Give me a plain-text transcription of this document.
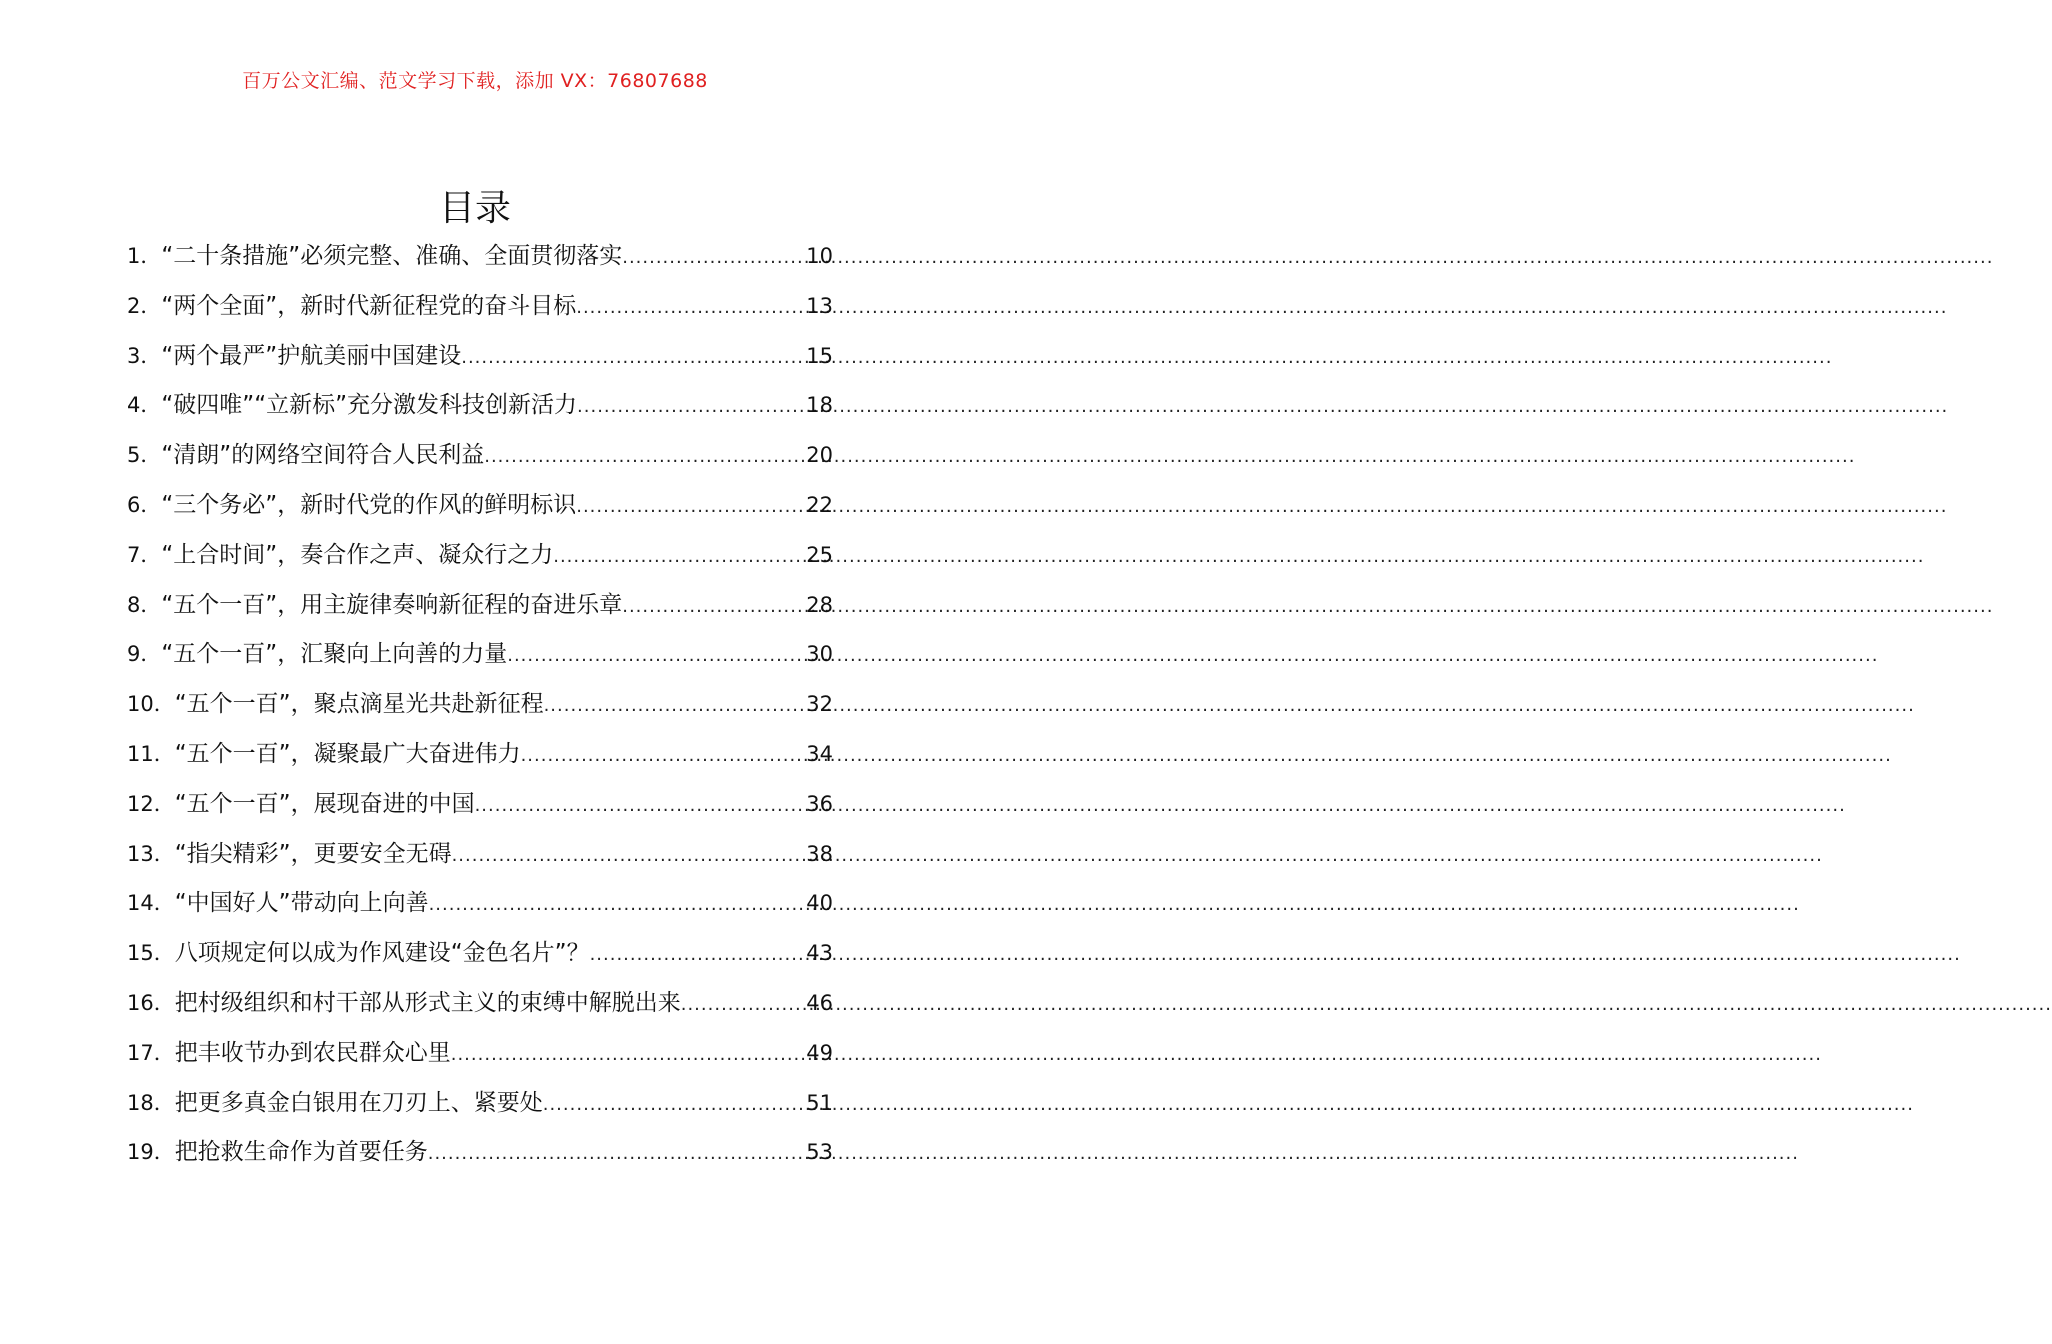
百万公文汇编、范文学习下载，添加 VX：76807688
目录
1． “二十条措施”必须完整、准确、全面贯彻落实 .....	10
2． “两个全面”，新时代新征程党的奋斗目标 .....	13
3． “两个最严”护航美丽中国建设 .....	15
4． “破四唯”“立新标”充分激发科技创新活力 .....	18
5． “清朗”的网络空间符合人民利益 .....	20
6． “三个务必”，新时代党的作风的鲜明标识 .....	22
7． “上合时间”，奏合作之声、凝众行之力 .....	25
8． “五个一百”，用主旋律奏响新征程的奋进乐章 .....	28
9． “五个一百”，汇聚向上向善的力量 .....	30
10． “五个一百”，聚点滴星光共赴新征程 .....	32
11． “五个一百”，凝聚最广大奋进伟力 .....	34
12． “五个一百”，展现奋进的中国 .....	36
13． “指尖精彩”，更要安全无碍 .....	38
14． “中国好人”带动向上向善 .....	40
15． 八项规定何以成为作风建设“金色名片”？ .....	43
16． 把村级组织和村干部从形式主义的束缚中解脱出来 .....	46
17． 把丰收节办到农民群众心里 .....	49
18． 把更多真金白银用在刀刃上、紧要处 .....	51
19． 把抢救生命作为首要任务 .....	53
